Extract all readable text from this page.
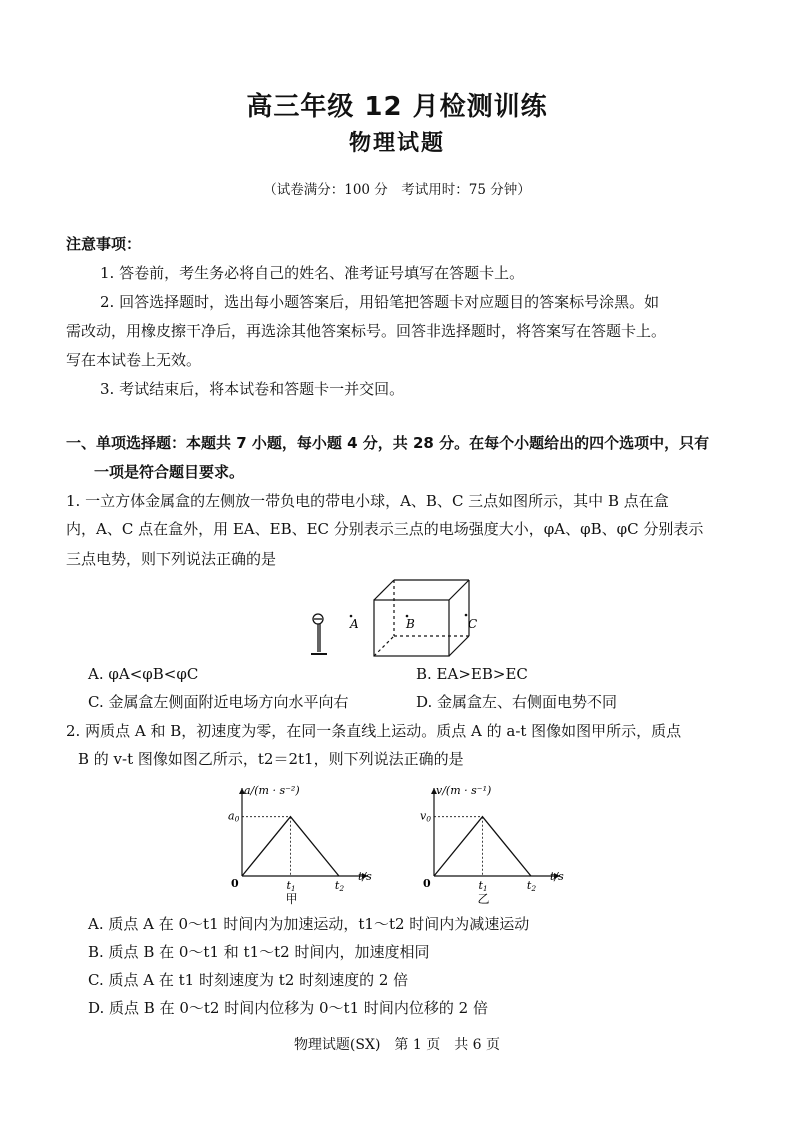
高三年级 12 月检测训练

物理试题

（试卷满分：100 分　考试用时：75 分钟）

注意事项：

1. 答卷前，考生务必将自己的姓名、准考证号填写在答题卡上。

2. 回答选择题时，选出每小题答案后，用铅笔把答题卡对应题目的答案标号涂黑。如

需改动，用橡皮擦干净后，再选涂其他答案标号。回答非选择题时，将答案写在答题卡上。

写在本试卷上无效。

3. 考试结束后，将本试卷和答题卡一并交回。

一、单项选择题：本题共 7 小题，每小题 4 分，共 28 分。在每个小题给出的四个选项中，只有

一项是符合题目要求。

1. 一立方体金属盒的左侧放一带负电的带电小球，A、B、C 三点如图所示，其中 B 点在盒

内，A、C 点在盒外，用 EA、EB、EC 分别表示三点的电场强度大小，φA、φB、φC 分别表示

三点电势，则下列说法正确的是

A	B	C

A. φA<φB<φC	B. EA>EB>EC

C. 金属盒左侧面附近电场方向水平向右	D. 金属盒左、右侧面电势不同

2. 两质点 A 和 B，初速度为零，在同一条直线上运动。质点 A 的 a-t 图像如图甲所示，质点

B 的 v-t 图像如图乙所示，t2＝2t1，则下列说法正确的是

a/(m · s⁻²)
t/s
0
a0
t1	t2
甲
v/(m · s⁻¹)
t/s
0
v0
t1	t2
乙

A. 质点 A 在 0～t1 时间内为加速运动，t1～t2 时间内为减速运动

B. 质点 B 在 0～t1 和 t1～t2 时间内，加速度相同

C. 质点 A 在 t1 时刻速度为 t2 时刻速度的 2 倍

D. 质点 B 在 0～t2 时间内位移为 0～t1 时间内位移的 2 倍

物理试题(SX)　第 1 页　共 6 页
